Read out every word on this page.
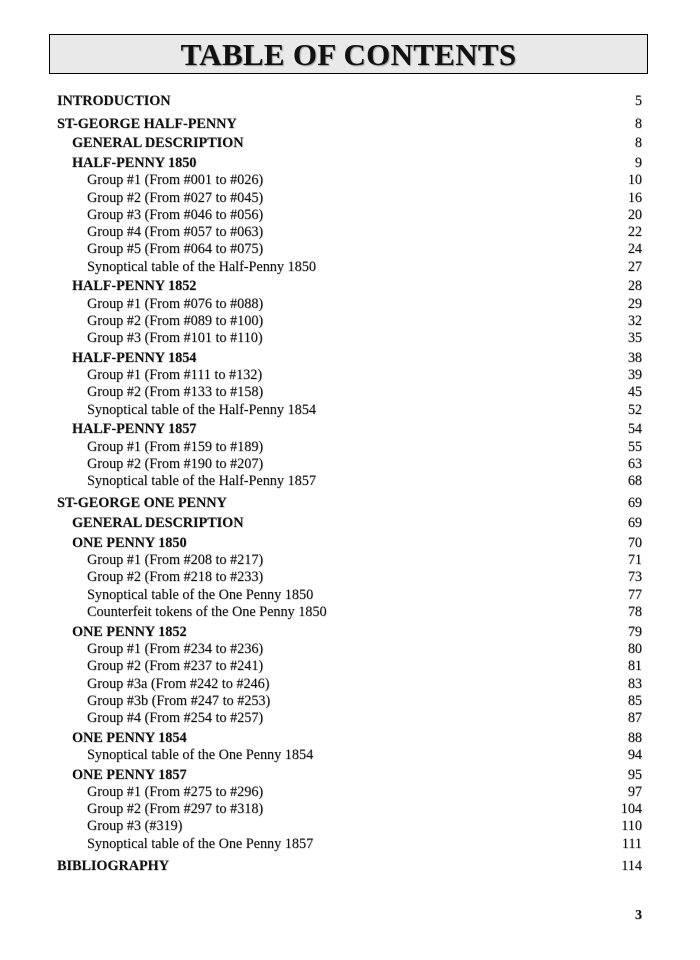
TABLE OF CONTENTS
INTRODUCTION	5
ST-GEORGE HALF-PENNY	8
GENERAL DESCRIPTION	8
HALF-PENNY 1850	9
Group #1 (From #001 to #026)	10
Group #2 (From #027 to #045)	16
Group #3 (From #046 to #056)	20
Group #4 (From #057 to #063)	22
Group #5 (From #064 to #075)	24
Synoptical table of the Half-Penny 1850	27
HALF-PENNY 1852	28
Group #1 (From #076 to #088)	29
Group #2 (From #089 to #100)	32
Group #3 (From #101 to #110)	35
HALF-PENNY 1854	38
Group #1 (From #111 to #132)	39
Group #2 (From #133 to #158)	45
Synoptical table of the Half-Penny 1854	52
HALF-PENNY 1857	54
Group #1 (From #159 to #189)	55
Group #2 (From #190 to #207)	63
Synoptical table of the Half-Penny 1857	68
ST-GEORGE ONE PENNY	69
GENERAL DESCRIPTION	69
ONE PENNY 1850	70
Group #1 (From #208 to #217)	71
Group #2 (From #218 to #233)	73
Synoptical table of the One Penny 1850	77
Counterfeit tokens of the One Penny 1850	78
ONE PENNY 1852	79
Group #1 (From #234 to #236)	80
Group #2 (From #237 to #241)	81
Group #3a (From #242 to #246)	83
Group #3b (From #247 to #253)	85
Group #4 (From #254 to #257)	87
ONE PENNY 1854	88
Synoptical table of the One Penny 1854	94
ONE PENNY 1857	95
Group #1 (From #275 to #296)	97
Group #2 (From #297 to #318)	104
Group #3 (#319)	110
Synoptical table of the One Penny 1857	111
BIBLIOGRAPHY	114
3
